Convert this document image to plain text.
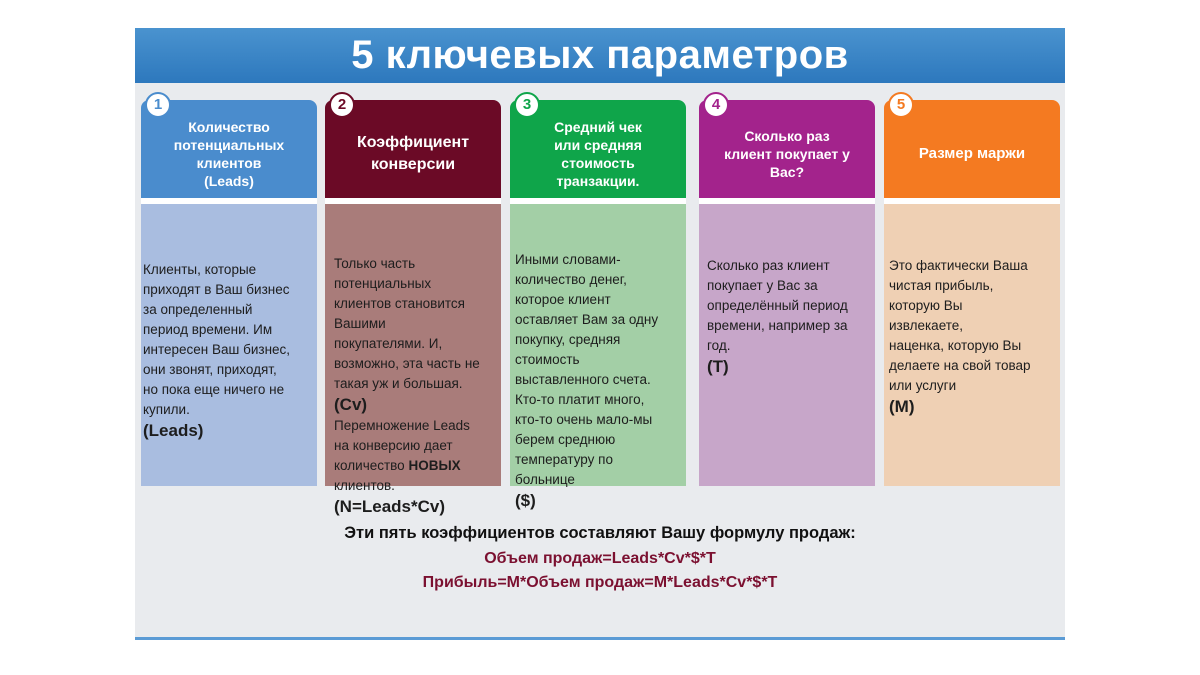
5 ключевых параметров
Количество
потенциальных
клиентов
(Leads)
1
Клиенты, которые
приходят в Ваш бизнес
за определенный
период времени. Им
интересен Ваш бизнес,
они звонят, приходят,
но пока еще ничего не
купили.
(Leads)
Коэффициент
конверсии
2
Только часть
потенциальных
клиентов становится
Вашими
покупателями. И,
возможно, эта часть не
такая уж и большая.
(Cv)
Перемножение Leads
на конверсию дает
количество НОВЫХ
клиентов.
(N=Leads*Cv)
Средний чек
или средняя
стоимость
транзакции.
3
Иными словами-
количество денег,
которое клиент
оставляет Вам за одну
покупку, средняя
стоимость
выставленного счета.
Кто-то платит много,
кто-то очень мало-мы
берем среднюю
температуру по
больнице
($)
Сколько раз
клиент покупает у
Вас?
4
Сколько раз клиент
покупает у Вас за
определённый период
времени, например за
год.
(T)
Размер маржи
5
Это фактически Ваша
чистая прибыль,
которую Вы
извлекаете,
наценка, которую Вы
делаете на свой товар
или услуги
(M)
Эти пять коэффициентов составляют Вашу формулу продаж:
Объем продаж=Leads*Cv*$*T
Прибыль=M*Объем продаж=M*Leads*Cv*$*T
